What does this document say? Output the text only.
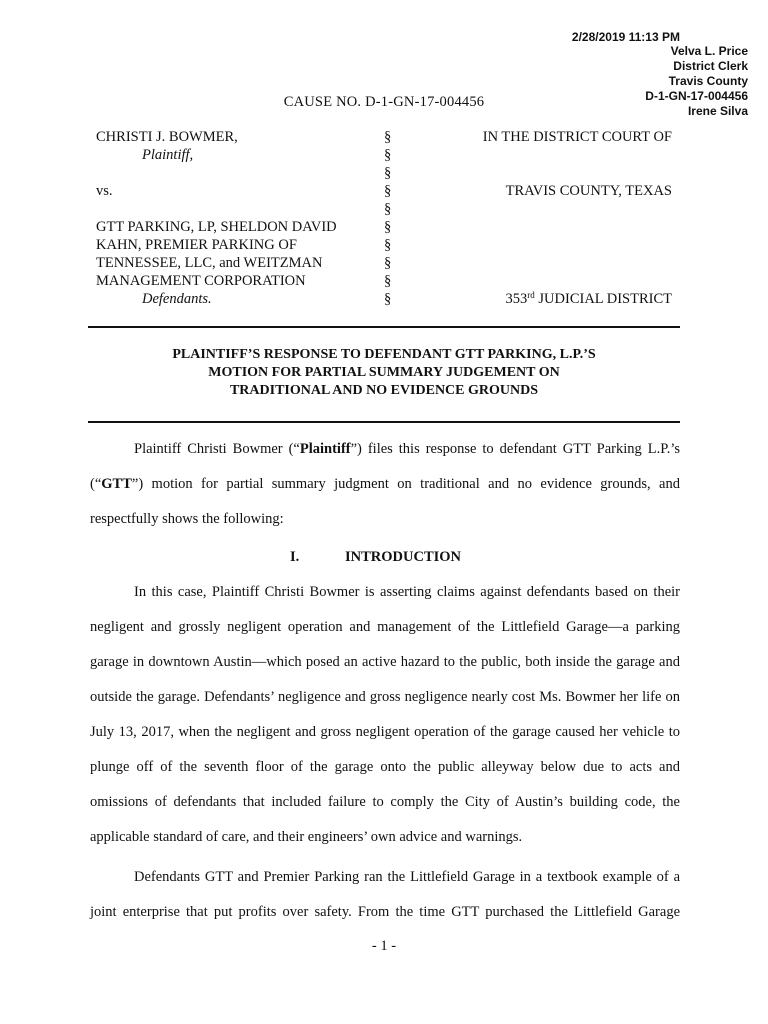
2/28/2019 11:13 PM
Velva L. Price
District Clerk
Travis County
D-1-GN-17-004456
Irene Silva
CAUSE NO. D-1-GN-17-004456
CHRISTI J. BOWMER,
Plaintiff,
vs.
GTT PARKING, LP, SHELDON DAVID
KAHN, PREMIER PARKING OF
TENNESSEE, LLC, and WEITZMAN
MANAGEMENT CORPORATION
Defendants.
§
§
§
§
§
§
§
§
§
§
IN THE DISTRICT COURT OF
TRAVIS COUNTY, TEXAS
353rd JUDICIAL DISTRICT
PLAINTIFF’S RESPONSE TO DEFENDANT GTT PARKING, L.P.’S
MOTION FOR PARTIAL SUMMARY JUDGEMENT ON
TRADITIONAL AND NO EVIDENCE GROUNDS

Plaintiff Christi Bowmer (“Plaintiff”) files this response to defendant GTT Parking L.P.’s (“GTT”) motion for partial summary judgment on traditional and no evidence grounds, and respectfully shows the following:

I.	INTRODUCTION

In this case, Plaintiff Christi Bowmer is asserting claims against defendants based on their negligent and grossly negligent operation and management of the Littlefield Garage—a parking garage in downtown Austin—which posed an active hazard to the public, both inside the garage and outside the garage. Defendants’ negligence and gross negligence nearly cost Ms. Bowmer her life on July 13, 2017, when the negligent and gross negligent operation of the garage caused her vehicle to plunge off of the seventh floor of the garage onto the public alleyway below due to acts and omissions of defendants that included failure to comply the City of Austin’s building code, the applicable standard of care, and their engineers’ own advice and warnings.

Defendants GTT and Premier Parking ran the Littlefield Garage in a textbook example of a joint enterprise that put profits over safety. From the time GTT purchased the Littlefield Garage

- 1 -
